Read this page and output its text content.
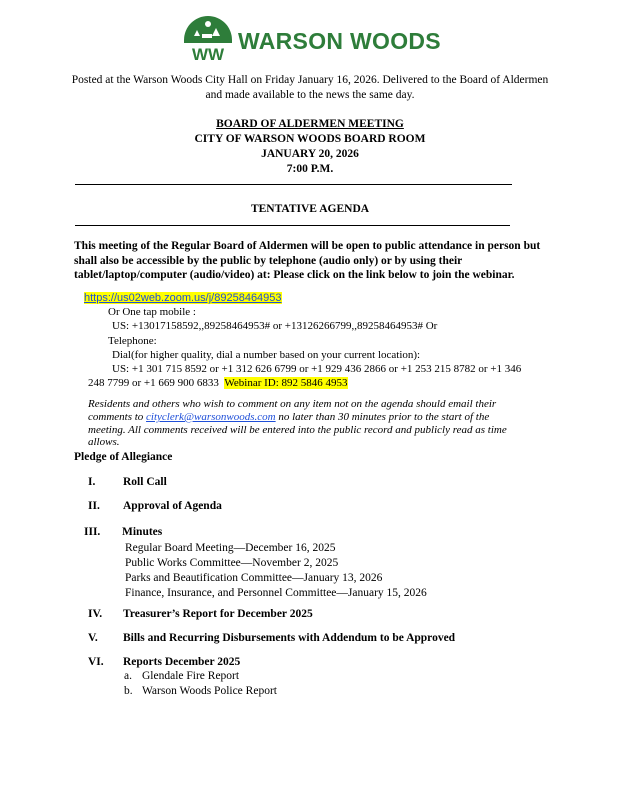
WW
WARSON WOODS
Posted at the Warson Woods City Hall on Friday January 16, 2026. Delivered to the Board of Aldermen
and made available to the news the same day.
BOARD OF ALDERMEN MEETING
CITY OF WARSON WOODS BOARD ROOM
JANUARY 20, 2026
7:00 P.M.
TENTATIVE AGENDA
This meeting of the Regular Board of Aldermen will be open to public attendance in person but
shall also be accessible by the public by telephone (audio only) or by using their
tablet/laptop/computer (audio/video) at: Please click on the link below to join the webinar.
https://us02web.zoom.us/j/89258464953
Or One tap mobile :
US: +13017158592,,89258464953# or +13126266799,,89258464953# Or
Telephone:
Dial(for higher quality, dial a number based on your current location):
US: +1 301 715 8592 or +1 312 626 6799 or +1 929 436 2866 or +1 253 215 8782 or +1 346
248 7799 or +1 669 900 6833 Webinar ID: 892 5846 4953
Residents and others who wish to comment on any item not on the agenda should email their
comments to cityclerk@warsonwoods.com no later than 30 minutes prior to the start of the
meeting. All comments received will be entered into the public record and publicly read as time
allows.
Pledge of Allegiance
I. Roll Call
II. Approval of Agenda
III. Minutes
Regular Board Meeting—December 16, 2025
Public Works Committee—November 2, 2025
Parks and Beautification Committee—January 13, 2026
Finance, Insurance, and Personnel Committee—January 15, 2026
IV. Treasurer’s Report for December 2025
V. Bills and Recurring Disbursements with Addendum to be Approved
VI. Reports December 2025
a. Glendale Fire Report
b. Warson Woods Police Report
